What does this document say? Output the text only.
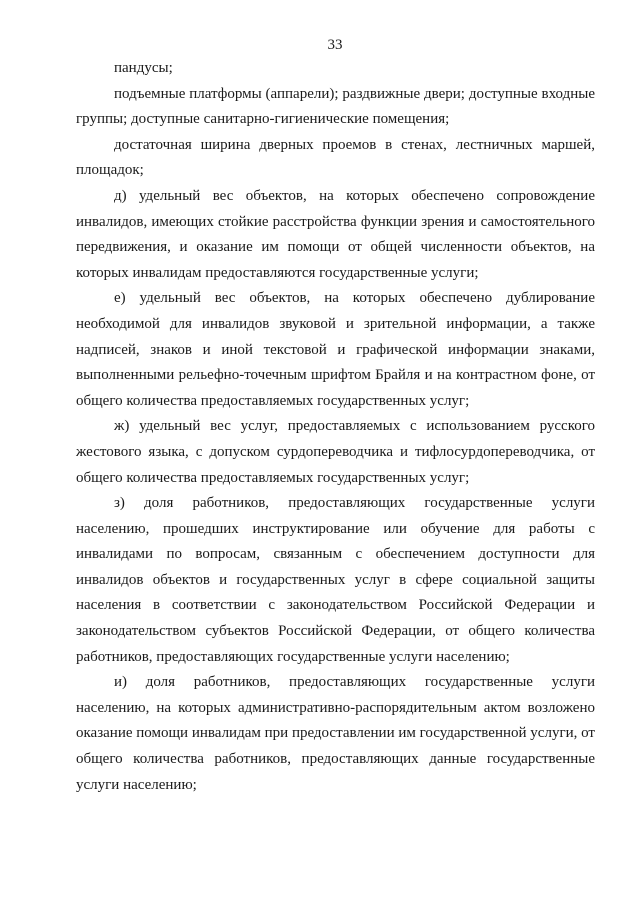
33

пандусы;

подъемные платформы (аппарели); раздвижные двери; доступные входные группы; доступные санитарно-гигиенические помещения;

достаточная ширина дверных проемов в стенах, лестничных маршей, площадок;

д) удельный вес объектов, на которых обеспечено сопровождение инвалидов, имеющих стойкие расстройства функции зрения и самостоятельного передвижения, и оказание им помощи от общей численности объектов, на которых инвалидам предоставляются государственные услуги;

е) удельный вес объектов, на которых обеспечено дублирование необходимой для инвалидов звуковой и зрительной информации, а также надписей, знаков и иной текстовой и графической информации знаками, выполненными рельефно-точечным шрифтом Брайля и на контрастном фоне, от общего количества предоставляемых государственных услуг;

ж) удельный вес услуг, предоставляемых с использованием русского жестового языка, с допуском сурдопереводчика и тифлосурдопереводчика, от общего количества предоставляемых государственных услуг;

з) доля работников, предоставляющих государственные услуги населению, прошедших инструктирование или обучение для работы с инвалидами по вопросам, связанным с обеспечением доступности для инвалидов объектов и государственных услуг в сфере социальной защиты населения в соответствии с законодательством Российской Федерации и законодательством субъектов Российской Федерации, от общего количества работников, предоставляющих государственные услуги населению;

и) доля работников, предоставляющих государственные услуги населению, на которых административно-распорядительным актом возложено оказание помощи инвалидам при предоставлении им государственной услуги, от общего количества работников, предоставляющих данные государственные услуги населению;
